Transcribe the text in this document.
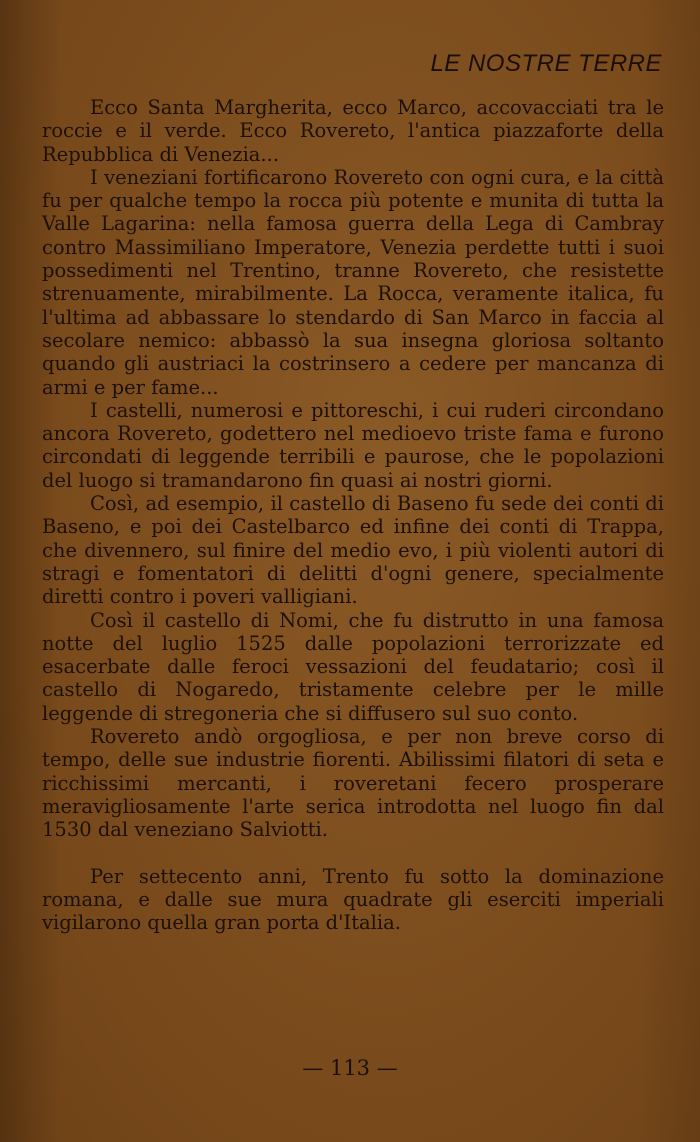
LE NOSTRE TERRE

Ecco Santa Margherita, ecco Marco, accovacciati tra le roccie e il verde. Ecco Rovereto, l'antica piazzaforte della Repubblica di Venezia...

I veneziani fortificarono Rovereto con ogni cura, e la città fu per qualche tempo la rocca più potente e munita di tutta la Valle Lagarina: nella famosa guerra della Lega di Cambray contro Massimiliano Imperatore, Venezia perdette tutti i suoi possedimenti nel Trentino, tranne Rovereto, che resistette strenuamente, mirabilmente. La Rocca, veramente italica, fu l'ultima ad abbassare lo stendardo di San Marco in faccia al secolare nemico: abbassò la sua insegna gloriosa soltanto quando gli austriaci la costrinsero a cedere per mancanza di armi e per fame...

I castelli, numerosi e pittoreschi, i cui ruderi circondano ancora Rovereto, godettero nel medioevo triste fama e furono circondati di leggende terribili e paurose, che le popolazioni del luogo si tramandarono fin quasi ai nostri giorni.

Così, ad esempio, il castello di Baseno fu sede dei conti di Baseno, e poi dei Castelbarco ed infine dei conti di Trappa, che divennero, sul finire del medio evo, i più violenti autori di stragi e fomentatori di delitti d'ogni genere, specialmente diretti contro i poveri valligiani.

Così il castello di Nomi, che fu distrutto in una famosa notte del luglio 1525 dalle popolazioni terrorizzate ed esacerbate dalle feroci vessazioni del feudatario; così il castello di Nogaredo, tristamente celebre per le mille leggende di stregoneria che si diffusero sul suo conto.

Rovereto andò orgogliosa, e per non breve corso di tempo, delle sue industrie fiorenti. Abilissimi filatori di seta e ricchissimi mercanti, i roveretani fecero prosperare meravigliosamente l'arte serica introdotta nel luogo fin dal 1530 dal veneziano Salviotti.

Per settecento anni, Trento fu sotto la dominazione romana, e dalle sue mura quadrate gli eserciti imperiali vigilarono quella gran porta d'Italia.

— 113 —
